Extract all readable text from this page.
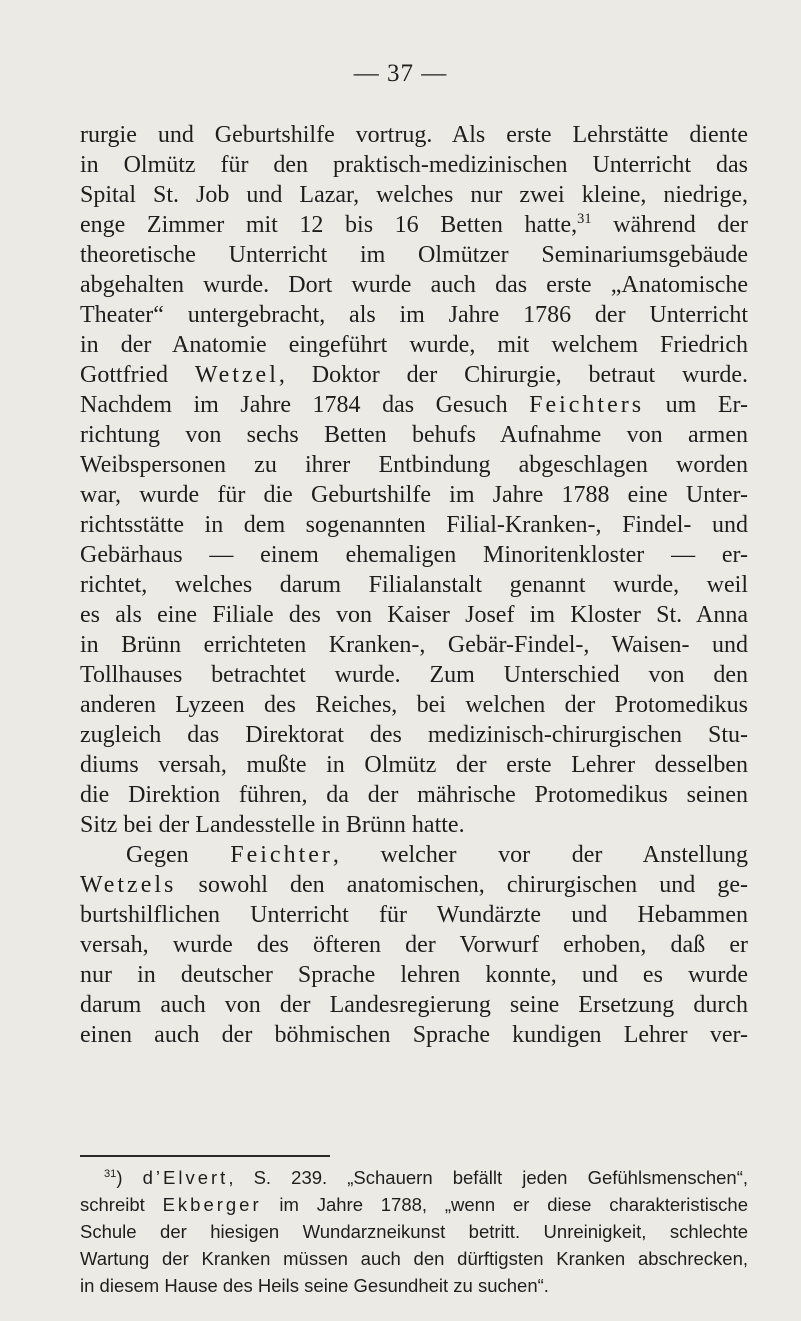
— 37 —
rurgie und Geburtshilfe vortrug. Als erste Lehrstätte diente
in Olmütz für den praktisch-medizinischen Unterricht das
Spital St. Job und Lazar, welches nur zwei kleine, niedrige,
enge Zimmer mit 12 bis 16 Betten hatte,$^{31}$ während der
theoretische Unterricht im Olmützer Seminariumsgebäude
abgehalten wurde. Dort wurde auch das erste „Anatomische
Theater“ untergebracht, als im Jahre 1786 der Unterricht
in der Anatomie eingeführt wurde, mit welchem Friedrich
Gottfried Wetzel, Doktor der Chirurgie, betraut wurde.
Nachdem im Jahre 1784 das Gesuch Feichters um Er-
richtung von sechs Betten behufs Aufnahme von armen
Weibspersonen zu ihrer Entbindung abgeschlagen worden
war, wurde für die Geburtshilfe im Jahre 1788 eine Unter-
richtsstätte in dem sogenannten Filial-Kranken-, Findel- und
Gebärhaus — einem ehemaligen Minoritenkloster — er-
richtet, welches darum Filialanstalt genannt wurde, weil
es als eine Filiale des von Kaiser Josef im Kloster St. Anna
in Brünn errichteten Kranken-, Gebär-Findel-, Waisen- und
Tollhauses betrachtet wurde. Zum Unterschied von den
anderen Lyzeen des Reiches, bei welchen der Protomedikus
zugleich das Direktorat des medizinisch-chirurgischen Stu-
diums versah, mußte in Olmütz der erste Lehrer desselben
die Direktion führen, da der mährische Protomedikus seinen
Sitz bei der Landesstelle in Brünn hatte.
Gegen Feichter, welcher vor der Anstellung
Wetzels sowohl den anatomischen, chirurgischen und ge-
burtshilflichen Unterricht für Wundärzte und Hebammen
versah, wurde des öfteren der Vorwurf erhoben, daß er
nur in deutscher Sprache lehren konnte, und es wurde
darum auch von der Landesregierung seine Ersetzung durch
einen auch der böhmischen Sprache kundigen Lehrer ver-
$^{31}$) d’Elvert, S. 239. „Schauern befällt jeden Gefühlsmenschen“,
schreibt Ekberger im Jahre 1788, „wenn er diese charakteristische
Schule der hiesigen Wundarzneikunst betritt. Unreinigkeit, schlechte
Wartung der Kranken müssen auch den dürftigsten Kranken abschrecken,
in diesem Hause des Heils seine Gesundheit zu suchen“.
